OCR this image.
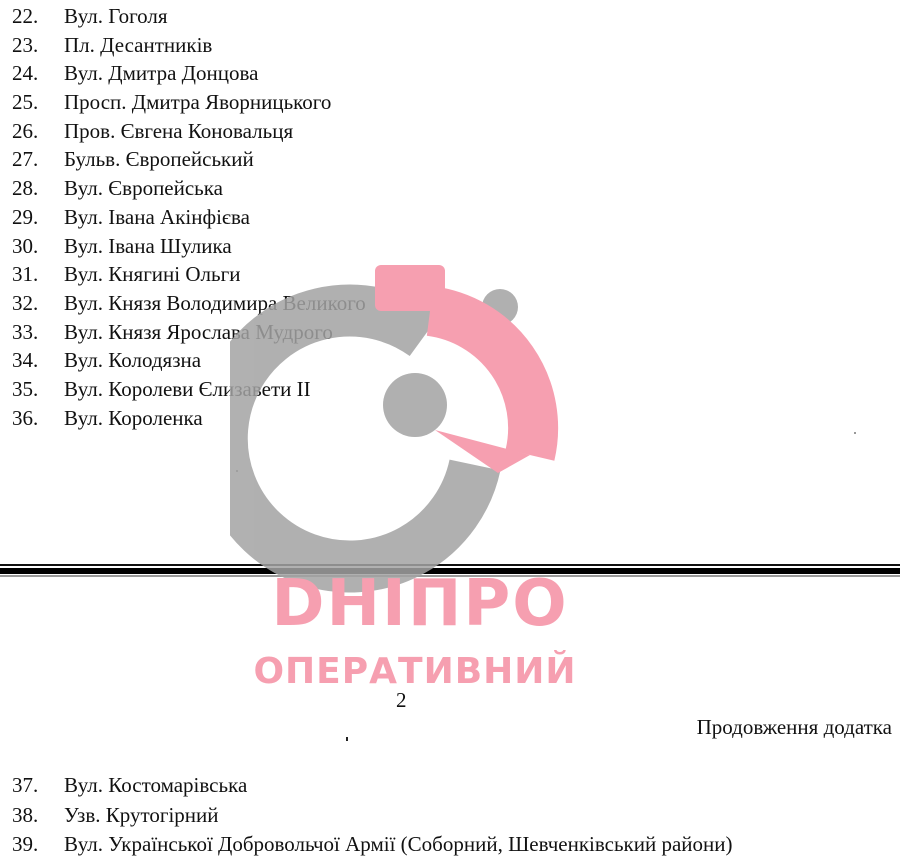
22.	Вул. Гоголя
23.	Пл. Десантників
24.	Вул. Дмитра Донцова
25.	Просп. Дмитра Яворницького
26.	Пров. Євгена Коновальця
27.	Бульв. Європейський
28.	Вул. Європейська
29.	Вул. Івана Акінфієва
30.	Вул. Івана Шулика
31.	Вул. Княгині Ольги
32.	Вул. Князя Володимира Великого
33.	Вул. Князя Ярослава Мудрого
34.	Вул. Колодязна
35.	Вул. Королеви Єлизавети ІІ
36.	Вул. Короленка
2
Продовження додатка
37.	Вул. Костомарівська
38.	Узв. Крутогірний
39.	Вул. Української Добровольчої Армії (Соборний, Шевченківський райони)
DHIПРО
ОПЕРАТИВНИЙ
